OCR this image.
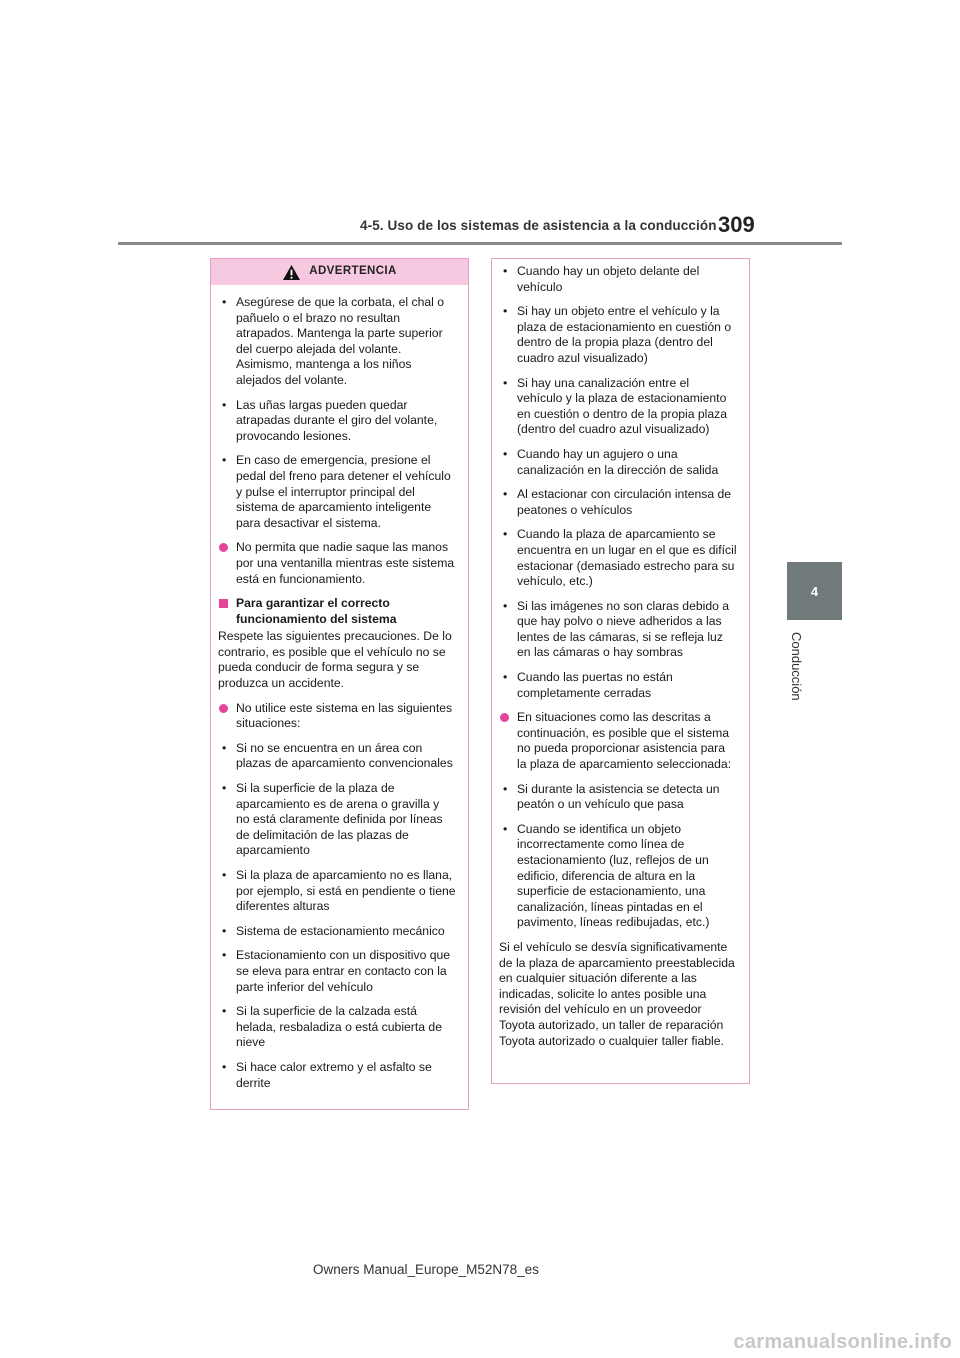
4-5. Uso de los sistemas de asistencia a la conducción 309
4
Conducción
ADVERTENCIA
• Asegúrese de que la corbata, el chal o pañuelo o el brazo no resultan atrapados. Mantenga la parte superior del cuerpo alejada del volante. Asimismo, mantenga a los niños alejados del volante.
• Las uñas largas pueden quedar atrapadas durante el giro del volante, provocando lesiones.
• En caso de emergencia, presione el pedal del freno para detener el vehículo y pulse el interruptor principal del sistema de aparcamiento inteligente para desactivar el sistema.
No permita que nadie saque las manos por una ventanilla mientras este sistema está en funcionamiento.
Para garantizar el correcto funcionamiento del sistema
Respete las siguientes precauciones. De lo contrario, es posible que el vehículo no se pueda conducir de forma segura y se produzca un accidente.
No utilice este sistema en las siguientes situaciones:
• Si no se encuentra en un área con plazas de aparcamiento convencionales
• Si la superficie de la plaza de aparcamiento es de arena o gravilla y no está claramente definida por líneas de delimitación de las plazas de aparcamiento
• Si la plaza de aparcamiento no es llana, por ejemplo, si está en pendiente o tiene diferentes alturas
• Sistema de estacionamiento mecánico
• Estacionamiento con un dispositivo que se eleva para entrar en contacto con la parte inferior del vehículo
• Si la superficie de la calzada está helada, resbaladiza o está cubierta de nieve
• Si hace calor extremo y el asfalto se derrite
• Cuando hay un objeto delante del vehículo
• Si hay un objeto entre el vehículo y la plaza de estacionamiento en cuestión o dentro de la propia plaza (dentro del cuadro azul visualizado)
• Si hay una canalización entre el vehículo y la plaza de estacionamiento en cuestión o dentro de la propia plaza (dentro del cuadro azul visualizado)
• Cuando hay un agujero o una canalización en la dirección de salida
• Al estacionar con circulación intensa de peatones o vehículos
• Cuando la plaza de aparcamiento se encuentra en un lugar en el que es difícil estacionar (demasiado estrecho para su vehículo, etc.)
• Si las imágenes no son claras debido a que hay polvo o nieve adheridos a las lentes de las cámaras, si se refleja luz en las cámaras o hay sombras
• Cuando las puertas no están completamente cerradas
En situaciones como las descritas a continuación, es posible que el sistema no pueda proporcionar asistencia para la plaza de aparcamiento seleccionada:
• Si durante la asistencia se detecta un peatón o un vehículo que pasa
• Cuando se identifica un objeto incorrectamente como línea de estacionamiento (luz, reflejos de un edificio, diferencia de altura en la superficie de estacionamiento, una canalización, líneas pintadas en el pavimento, líneas redibujadas, etc.)
Si el vehículo se desvía significativamente de la plaza de aparcamiento preestablecida en cualquier situación diferente a las indicadas, solicite lo antes posible una revisión del vehículo en un proveedor Toyota autorizado, un taller de reparación Toyota autorizado o cualquier taller fiable.
Owners Manual_Europe_M52N78_es
carmanualsonline.info
